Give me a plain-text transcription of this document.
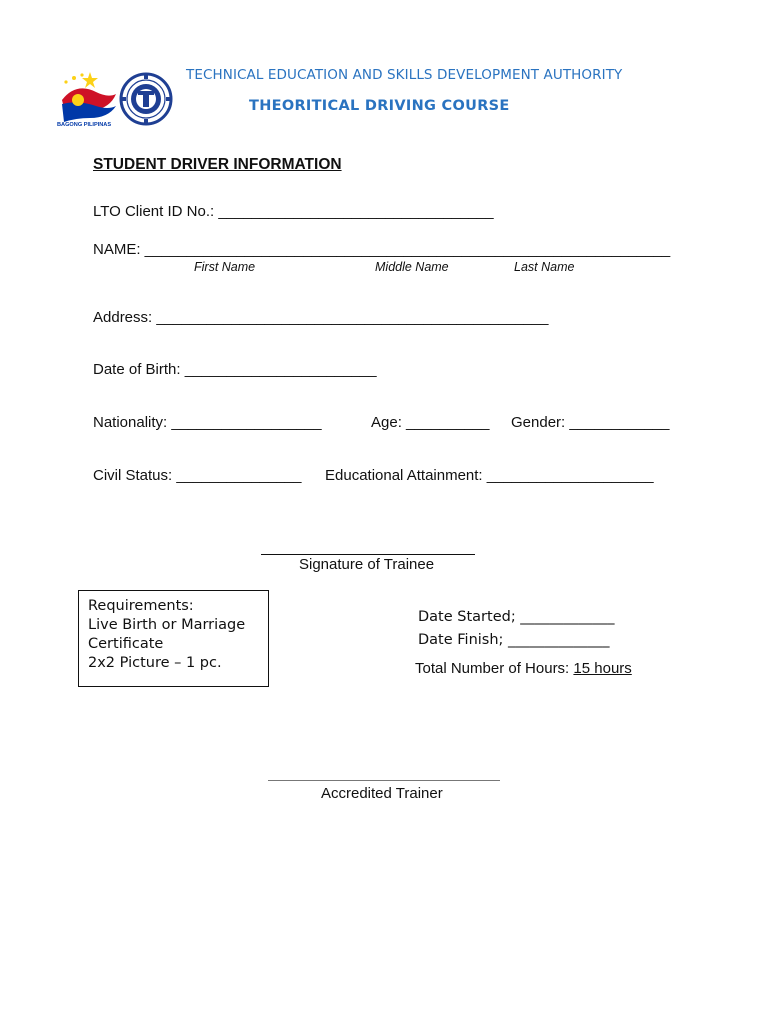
BAGONG PILIPINAS
TECHNICAL EDUCATION AND SKILLS DEVELOPMENT AUTHORITY
THEORITICAL DRIVING COURSE
STUDENT DRIVER INFORMATION
LTO Client ID No.: _________________________________
NAME: _______________________________________________________________
First Name	Middle Name	Last Name
Address: _______________________________________________
Date of Birth: _______________________
Nationality: __________________	Age: __________ Gender: ____________
Civil Status: _______________ Educational Attainment: ____________________
Signature of Trainee
Requirements:
Live Birth or Marriage
Certificate
2x2 Picture – 1 pc.
Date Started; _____________
Date Finish; ______________
Total Number of Hours: 15 hours
Accredited Trainer
